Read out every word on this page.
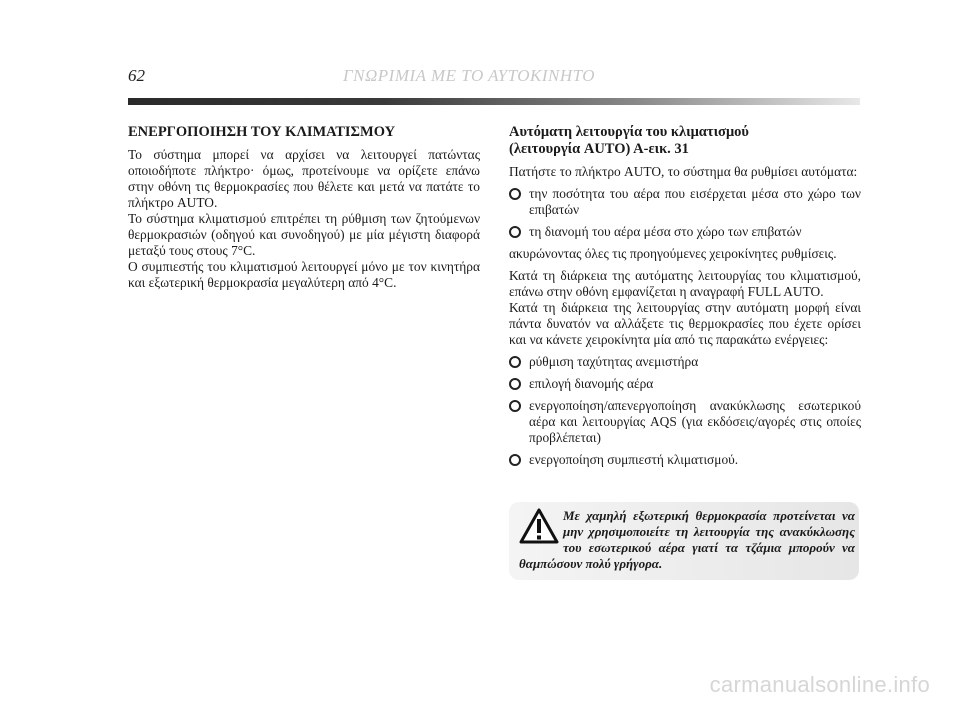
62	ΓΝΩΡΙΜΙΑ ΜΕ ΤΟ ΑΥΤΟΚΙΝΗΤΟ
ΕΝΕΡΓΟΠΟΙΗΣΗ ΤΟΥ ΚΛΙΜΑΤΙΣΜΟΥ

Το σύστημα μπορεί να αρχίσει να λειτουργεί πατώντας οποιοδήποτε πλήκτρο· όμως, προτείνουμε να ορίζετε επάνω στην οθόνη τις θερμοκρασίες που θέλετε και μετά να πατάτε το πλήκτρο AUTO.

Το σύστημα κλιματισμού επιτρέπει τη ρύθμιση των ζητούμενων θερμοκρασιών (οδηγού και συνοδηγού) με μία μέγιστη διαφορά μεταξύ τους στους 7°C.

Ο συμπιεστής του κλιματισμού λειτουργεί μόνο με τον κινητήρα και εξωτερική θερμοκρασία μεγαλύτερη από 4°C.

Αυτόματη λειτουργία του κλιματισμού
(λειτουργία AUTO) Α-εικ. 31

Πατήστε το πλήκτρο AUTO, το σύστημα θα ρυθμίσει αυτόματα:

την ποσότητα του αέρα που εισέρχεται μέσα στο χώρο των επιβατών
τη διανομή του αέρα μέσα στο χώρο των επιβατών

ακυρώνοντας όλες τις προηγούμενες χειροκίνητες ρυθμίσεις.

Κατά τη διάρκεια της αυτόματης λειτουργίας του κλιματισμού, επάνω στην οθόνη εμφανίζεται η αναγραφή FULL AUTO.

Κατά τη διάρκεια της λειτουργίας στην αυτόματη μορφή είναι πάντα δυνατόν να αλλάξετε τις θερμοκρασίες που έχετε ορίσει και να κάνετε χειροκίνητα μία από τις παρακάτω ενέργειες:

ρύθμιση ταχύτητας ανεμιστήρα
επιλογή διανομής αέρα
ενεργοποίηση/απενεργοποίηση ανακύκλωσης εσωτερικού αέρα και λειτουργίας AQS (για εκδόσεις/αγορές στις οποίες προβλέπεται)
ενεργοποίηση συμπιεστή κλιματισμού.

Με χαμηλή εξωτερική θερμοκρασία προτείνεται να μην χρησιμοποιείτε τη λειτουργία της ανακύκλωσης του εσωτερικού αέρα γιατί τα τζάμια μπορούν να θαμπώσουν πολύ γρήγορα.

carmanualsonline.info
